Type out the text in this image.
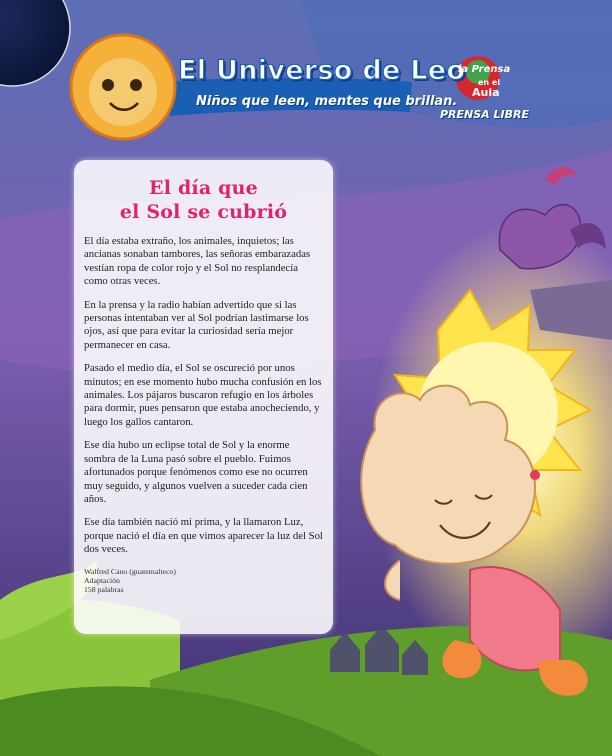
El Universo de Leo
Niños que leen, mentes que brillan.
la Prensa
en el
Aula
PRENSA LIBRE
El día que
el Sol se cubrió

El día estaba extraño, los animales, inquietos; las ancianas sonaban tambores, las señoras embarazadas vestían ropa de color rojo y el Sol no resplandecía como otras veces.

En la prensa y la radio habían advertido que si las personas intentaban ver al Sol podrían lastimarse los ojos, así que para evitar la curiosidad sería mejor permanecer en casa.

Pasado el medio día, el Sol se oscureció por unos minutos; en ese momento hubo mucha confusión en los animales. Los pájaros buscaron refugio en los árboles para dormir, pues pensaron que estaba anocheciendo, y luego los gallos cantaron.

Ese día hubo un eclipse total de Sol y la enorme sombra de la Luna pasó sobre el pueblo. Fuimos afortunados porque fenómenos como ese no ocurren muy seguido, y algunos vuelven a suceder cada cien años.

Ese día también nació mi prima, y la llamaron Luz, porque nació el día en que vimos aparecer la luz del Sol dos veces.

Walfred Cano (guatemalteco)
Adaptación
158 palabras
